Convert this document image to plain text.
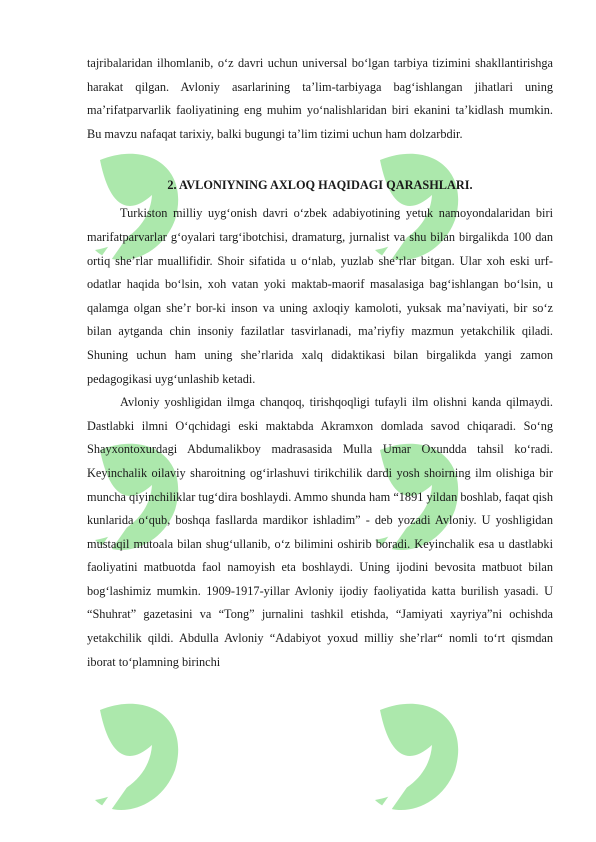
tajribalaridan ilhomlanib, o‘z davri uchun universal bo‘lgan tarbiya tizimini shakllantirishga harakat qilgan. Avloniy asarlarining ta’lim-tarbiyaga bag‘ishlangan jihatlari uning ma’rifatparvarlik faoliyatining eng muhim yo‘nalishlaridan biri ekanini ta’kidlash mumkin. Bu mavzu nafaqat tarixiy, balki bugungi ta’lim tizimi uchun ham dolzarbdir.

2. AVLONIYNING AXLOQ HAQIDAGI QARASHLARI.

Turkiston milliy uyg‘onish davri o‘zbek adabiyotining yetuk namoyondalaridan biri marifatparvarlar g‘oyalari targ‘ibotchisi, dramaturg, jurnalist va shu bilan birgalikda 100 dan ortiq she’rlar muallifidir. Shoir sifatida u o‘nlab, yuzlab she’rlar bitgan. Ular xoh eski urf-odatlar haqida bo‘lsin, xoh vatan yoki maktab-maorif masalasiga bag‘ishlangan bo‘lsin, u qalamga olgan she’r bor-ki inson va uning axloqiy kamoloti, yuksak ma’naviyati, bir so‘z bilan aytganda chin insoniy fazilatlar tasvirlanadi, ma’riyfiy mazmun yetakchilik qiladi. Shuning uchun ham uning she’rlarida xalq didaktikasi bilan birgalikda yangi zamon pedagogikasi uyg‘unlashib ketadi.

Avloniy yoshligidan ilmga chanqoq, tirishqoqligi tufayli ilm olishni kanda qilmaydi. Dastlabki ilmni O‘qchidagi eski maktabda Akramxon domlada savod chiqaradi. So‘ng Shayxontoxurdagi Abdumalikboy madrasasida Mulla Umar Oxundda tahsil ko‘radi. Keyinchalik oilaviy sharoitning og‘irlashuvi tirikchilik dardi yosh shoirning ilm olishiga bir muncha qiyinchiliklar tug‘dira boshlaydi. Ammo shunda ham “1891 yildan boshlab, faqat qish kunlarida o‘qub, boshqa fasllarda mardikor ishladim” - deb yozadi Avloniy. U yoshligidan mustaqil mutoala bilan shug‘ullanib, o‘z bilimini oshirib boradi. Keyinchalik esa u dastlabki faoliyatini matbuotda faol namoyish eta boshlaydi. Uning ijodini bevosita matbuot bilan bog‘lashimiz mumkin. 1909-1917-yillar Avloniy ijodiy faoliyatida katta burilish yasadi. U “Shuhrat” gazetasini va “Tong” jurnalini tashkil etishda, “Jamiyati xayriya”ni ochishda yetakchilik qildi. Abdulla Avloniy “Adabiyot yoxud milliy she’rlar“ nomli to‘rt qismdan iborat to‘plamning birinchi
